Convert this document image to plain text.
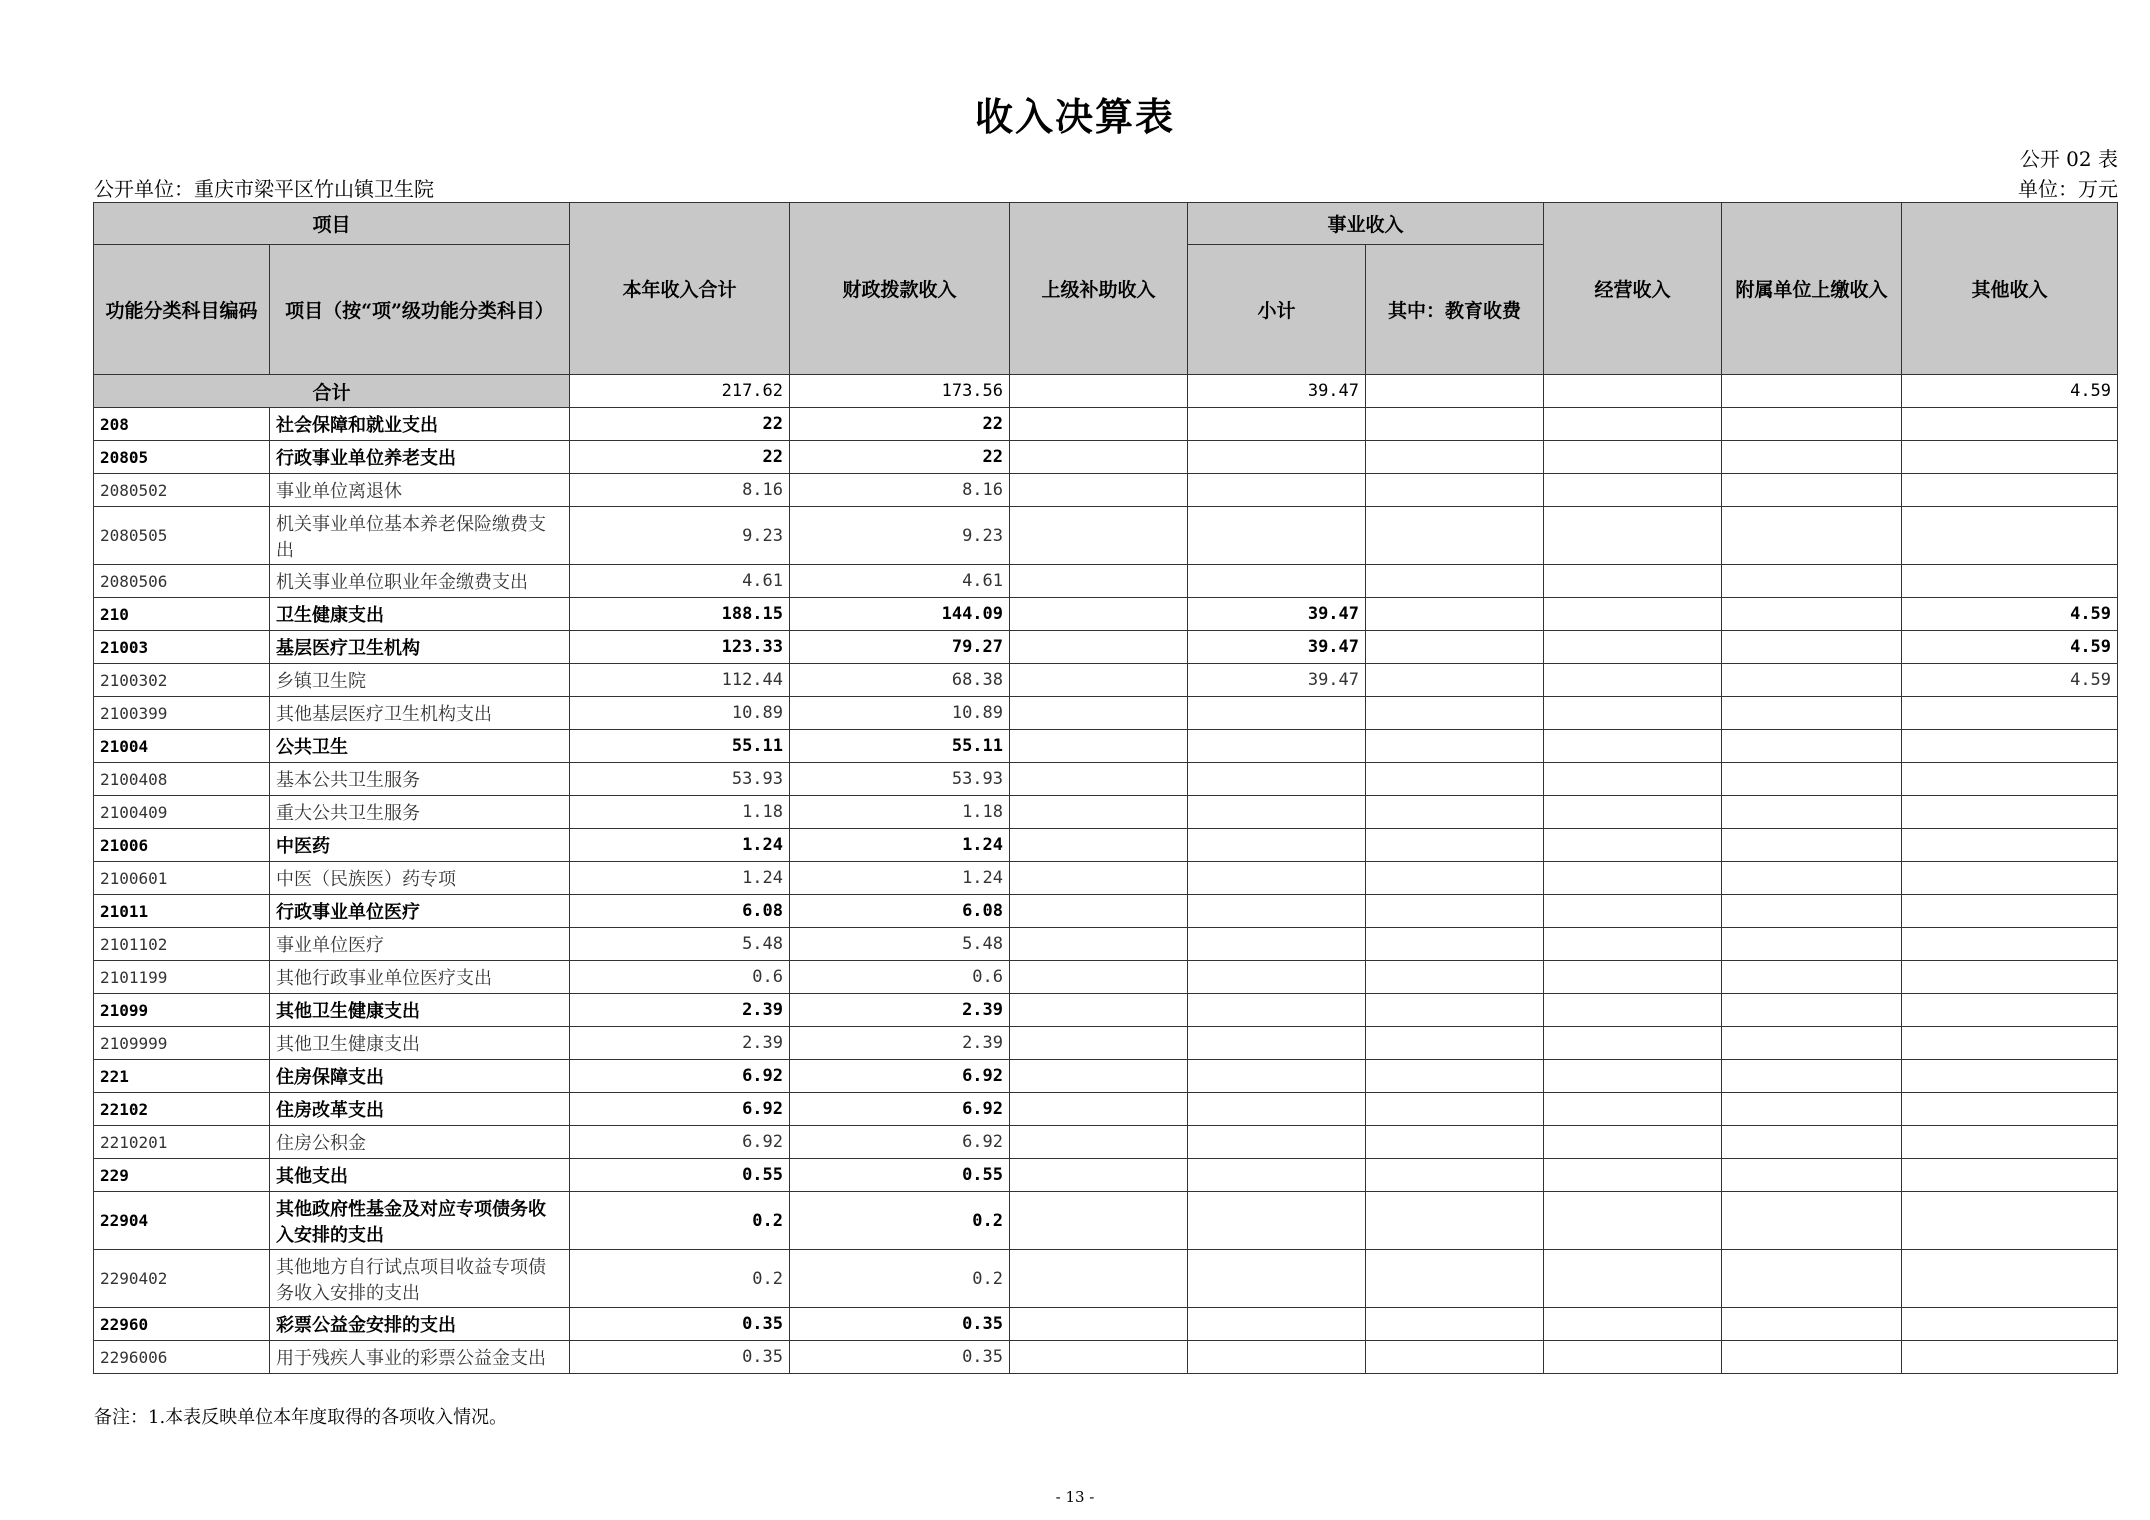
收入决算表
公开 02 表
公开单位：重庆市梁平区竹山镇卫生院	单位：万元
项目		本年收入合计	财政拨款收入	上级补助收入	事业收入		经营收入	附属单位上缴收入	其他收入
功能分类科目编码	项目（按“项”级功能分类科目）				小计	其中：教育收费			
合计		217.62	173.56		39.47				4.59
208	社会保障和就业支出	22	22						
20805	行政事业单位养老支出	22	22						
2080502	事业单位离退休	8.16	8.16						
2080505	机关事业单位基本养老保险缴费支出	9.23	9.23						
2080506	机关事业单位职业年金缴费支出	4.61	4.61						
210	卫生健康支出	188.15	144.09		39.47				4.59
21003	基层医疗卫生机构	123.33	79.27		39.47				4.59
2100302	乡镇卫生院	112.44	68.38		39.47				4.59
2100399	其他基层医疗卫生机构支出	10.89	10.89						
21004	公共卫生	55.11	55.11						
2100408	基本公共卫生服务	53.93	53.93						
2100409	重大公共卫生服务	1.18	1.18						
21006	中医药	1.24	1.24						
2100601	中医（民族医）药专项	1.24	1.24						
21011	行政事业单位医疗	6.08	6.08						
2101102	事业单位医疗	5.48	5.48						
2101199	其他行政事业单位医疗支出	0.6	0.6						
21099	其他卫生健康支出	2.39	2.39						
2109999	其他卫生健康支出	2.39	2.39						
221	住房保障支出	6.92	6.92						
22102	住房改革支出	6.92	6.92						
2210201	住房公积金	6.92	6.92						
229	其他支出	0.55	0.55						
22904	其他政府性基金及对应专项债务收入安排的支出	0.2	0.2						
2290402	其他地方自行试点项目收益专项债务收入安排的支出	0.2	0.2						
22960	彩票公益金安排的支出	0.35	0.35						
2296006	用于残疾人事业的彩票公益金支出	0.35	0.35						
备注：1.本表反映单位本年度取得的各项收入情况。
- 13 -
